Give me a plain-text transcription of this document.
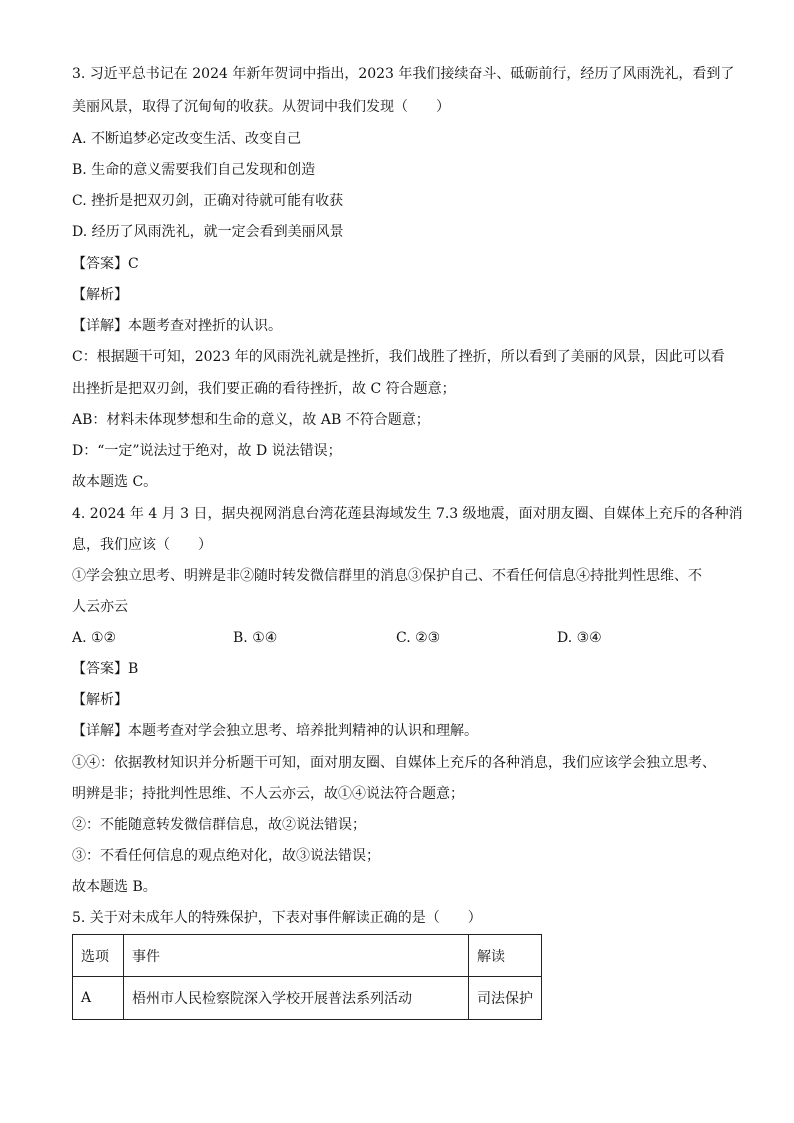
3. 习近平总书记在 2024 年新年贺词中指出，2023 年我们接续奋斗、砥砺前行，经历了风雨洗礼，看到了
美丽风景，取得了沉甸甸的收获。从贺词中我们发现（　　）
A. 不断追梦必定改变生活、改变自己
B. 生命的意义需要我们自己发现和创造
C. 挫折是把双刃剑，正确对待就可能有收获
D. 经历了风雨洗礼，就一定会看到美丽风景
【答案】C
【解析】
【详解】本题考查对挫折的认识。
C：根据题干可知，2023 年的风雨洗礼就是挫折，我们战胜了挫折，所以看到了美丽的风景，因此可以看
出挫折是把双刃剑，我们要正确的看待挫折，故 C 符合题意；
AB：材料未体现梦想和生命的意义，故 AB 不符合题意；
D：“一定”说法过于绝对，故 D 说法错误；
故本题选 C。
4. 2024 年 4 月 3 日，据央视网消息台湾花莲县海域发生 7.3 级地震，面对朋友圈、自媒体上充斥的各种消
息，我们应该（　　）
①学会独立思考、明辨是非②随时转发微信群里的消息③保护自己、不看任何信息④持批判性思维、不
人云亦云
A. ①②	B. ①④	C. ②③	D. ③④
【答案】B
【解析】
【详解】本题考查对学会独立思考、培养批判精神的认识和理解。
①④：依据教材知识并分析题干可知，面对朋友圈、自媒体上充斥的各种消息，我们应该学会独立思考、
明辨是非；持批判性思维、不人云亦云，故①④说法符合题意；
②：不能随意转发微信群信息，故②说法错误；
③：不看任何信息的观点绝对化，故③说法错误；
故本题选 B。
5. 关于对未成年人的特殊保护，下表对事件解读正确的是（　　）
选项	事件	解读
A	梧州市人民检察院深入学校开展普法系列活动	司法保护
